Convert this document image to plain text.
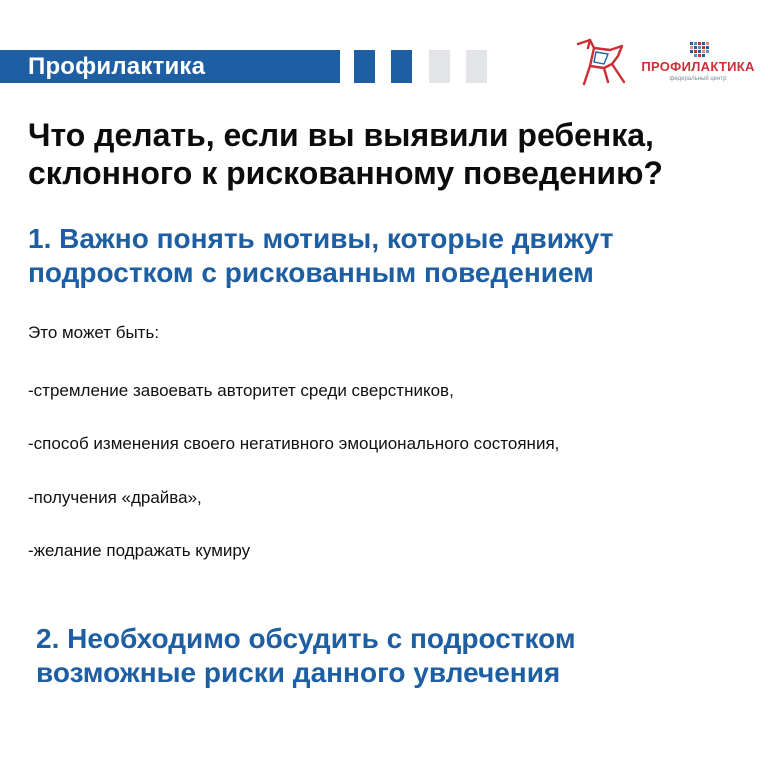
Профилактика	ПРОФИЛАКТИКА
федеральный центр
Что делать, если вы выявили ребенка,
склонного к рискованному поведению?
1. Важно понять мотивы, которые движут
подростком с рискованным поведением
Это может быть:
-стремление завоевать авторитет среди сверстников,
-способ изменения своего негативного эмоционального состояния,
-получения «драйва»,
-желание подражать кумиру
2. Необходимо обсудить с подростком
возможные риски данного увлечения
